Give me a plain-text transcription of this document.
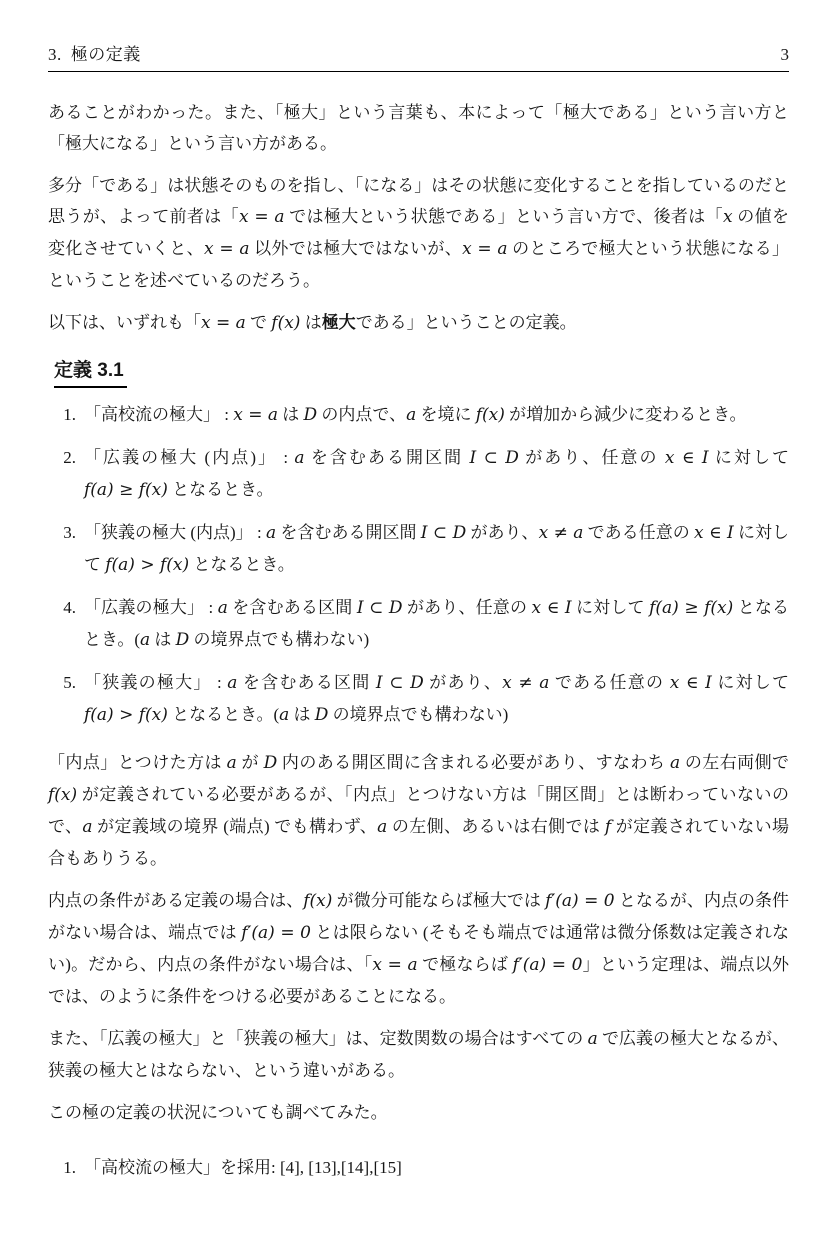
3. 極の定義	3

あることがわかった。また、「極大」という言葉も、本によって「極大である」という言い方と「極大になる」という言い方がある。

多分「である」は状態そのものを指し、「になる」はその状態に変化することを指しているのだと思うが、よって前者は「x = a では極大という状態である」という言い方で、後者は「x の値を変化させていくと、x = a 以外では極大ではないが、x = a のところで極大という状態になる」ということを述べているのだろう。

以下は、いずれも「x = a で f(x) は極大である」ということの定義。

定義 3.1
1. 「高校流の極大」 : x = a は D の内点で、a を境に f(x) が増加から減少に変わるとき。
2. 「広義の極大 (内点)」 : a を含むある開区間 I ⊂ D があり、任意の x ∈ I に対して f(a) ≥ f(x) となるとき。
3. 「狭義の極大 (内点)」 : a を含むある開区間 I ⊂ D があり、x ≠ a である任意の x ∈ I に対して f(a) > f(x) となるとき。
4. 「広義の極大」 : a を含むある区間 I ⊂ D があり、任意の x ∈ I に対して f(a) ≥ f(x) となるとき。(a は D の境界点でも構わない)
5. 「狭義の極大」 : a を含むある区間 I ⊂ D があり、x ≠ a である任意の x ∈ I に対して f(a) > f(x) となるとき。(a は D の境界点でも構わない)

「内点」とつけた方は a が D 内のある開区間に含まれる必要があり、すなわち a の左右両側で f(x) が定義されている必要があるが、「内点」とつけない方は「開区間」とは断わっていないので、a が定義域の境界 (端点) でも構わず、a の左側、あるいは右側では f が定義されていない場合もありうる。

内点の条件がある定義の場合は、f(x) が微分可能ならば極大では f′(a) = 0 となるが、内点の条件がない場合は、端点では f′(a) = 0 とは限らない (そもそも端点では通常は微分係数は定義されない)。だから、内点の条件がない場合は、「x = a で極ならば f′(a) = 0」という定理は、端点以外では、のように条件をつける必要があることになる。

また、「広義の極大」と「狭義の極大」は、定数関数の場合はすべての a で広義の極大となるが、狭義の極大とはならない、という違いがある。

この極の定義の状況についても調べてみた。

1. 「高校流の極大」を採用: [4], [13],[14],[15]
